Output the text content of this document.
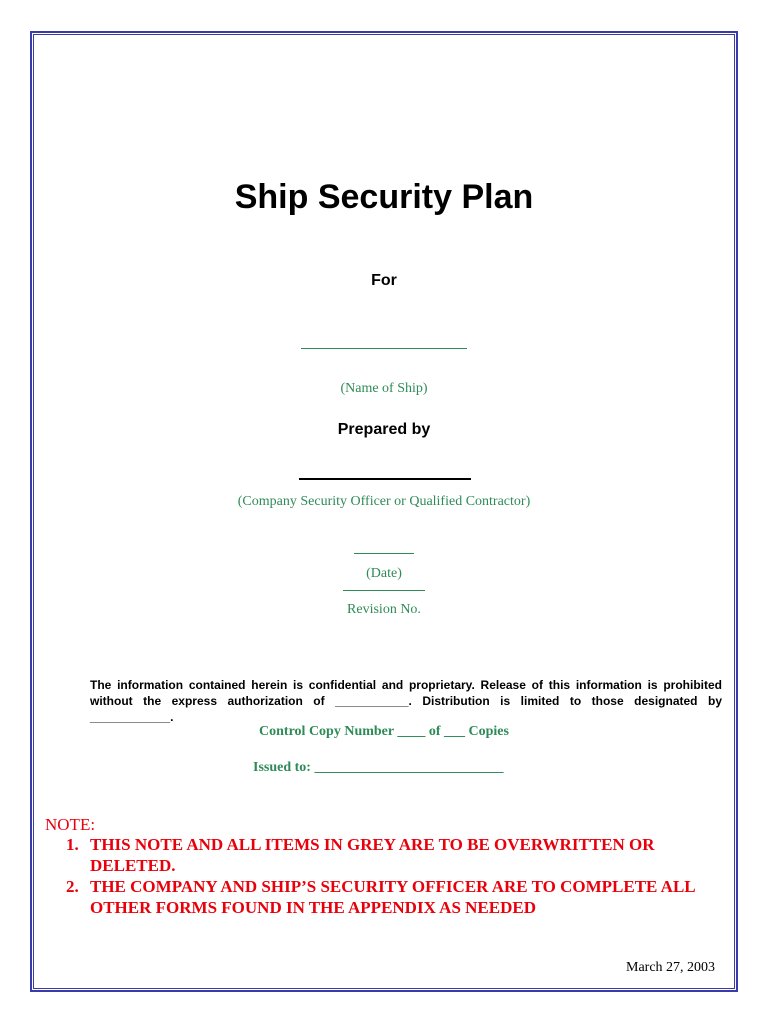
Ship Security Plan
For
(Name of Ship)
Prepared by
(Company Security Officer or Qualified Contractor)
(Date)
Revision No.
The information contained herein is confidential and proprietary. Release of this information is prohibited without the express authorization of ___________. Distribution is limited to those designated by ____________.
Control Copy Number ____ of ___ Copies
Issued to: ___________________________
NOTE:
1. THIS NOTE AND ALL ITEMS IN GREY ARE TO BE OVERWRITTEN OR DELETED.
2. THE COMPANY AND SHIP’S SECURITY OFFICER ARE TO COMPLETE ALL OTHER FORMS FOUND IN THE APPENDIX AS NEEDED
March 27, 2003
